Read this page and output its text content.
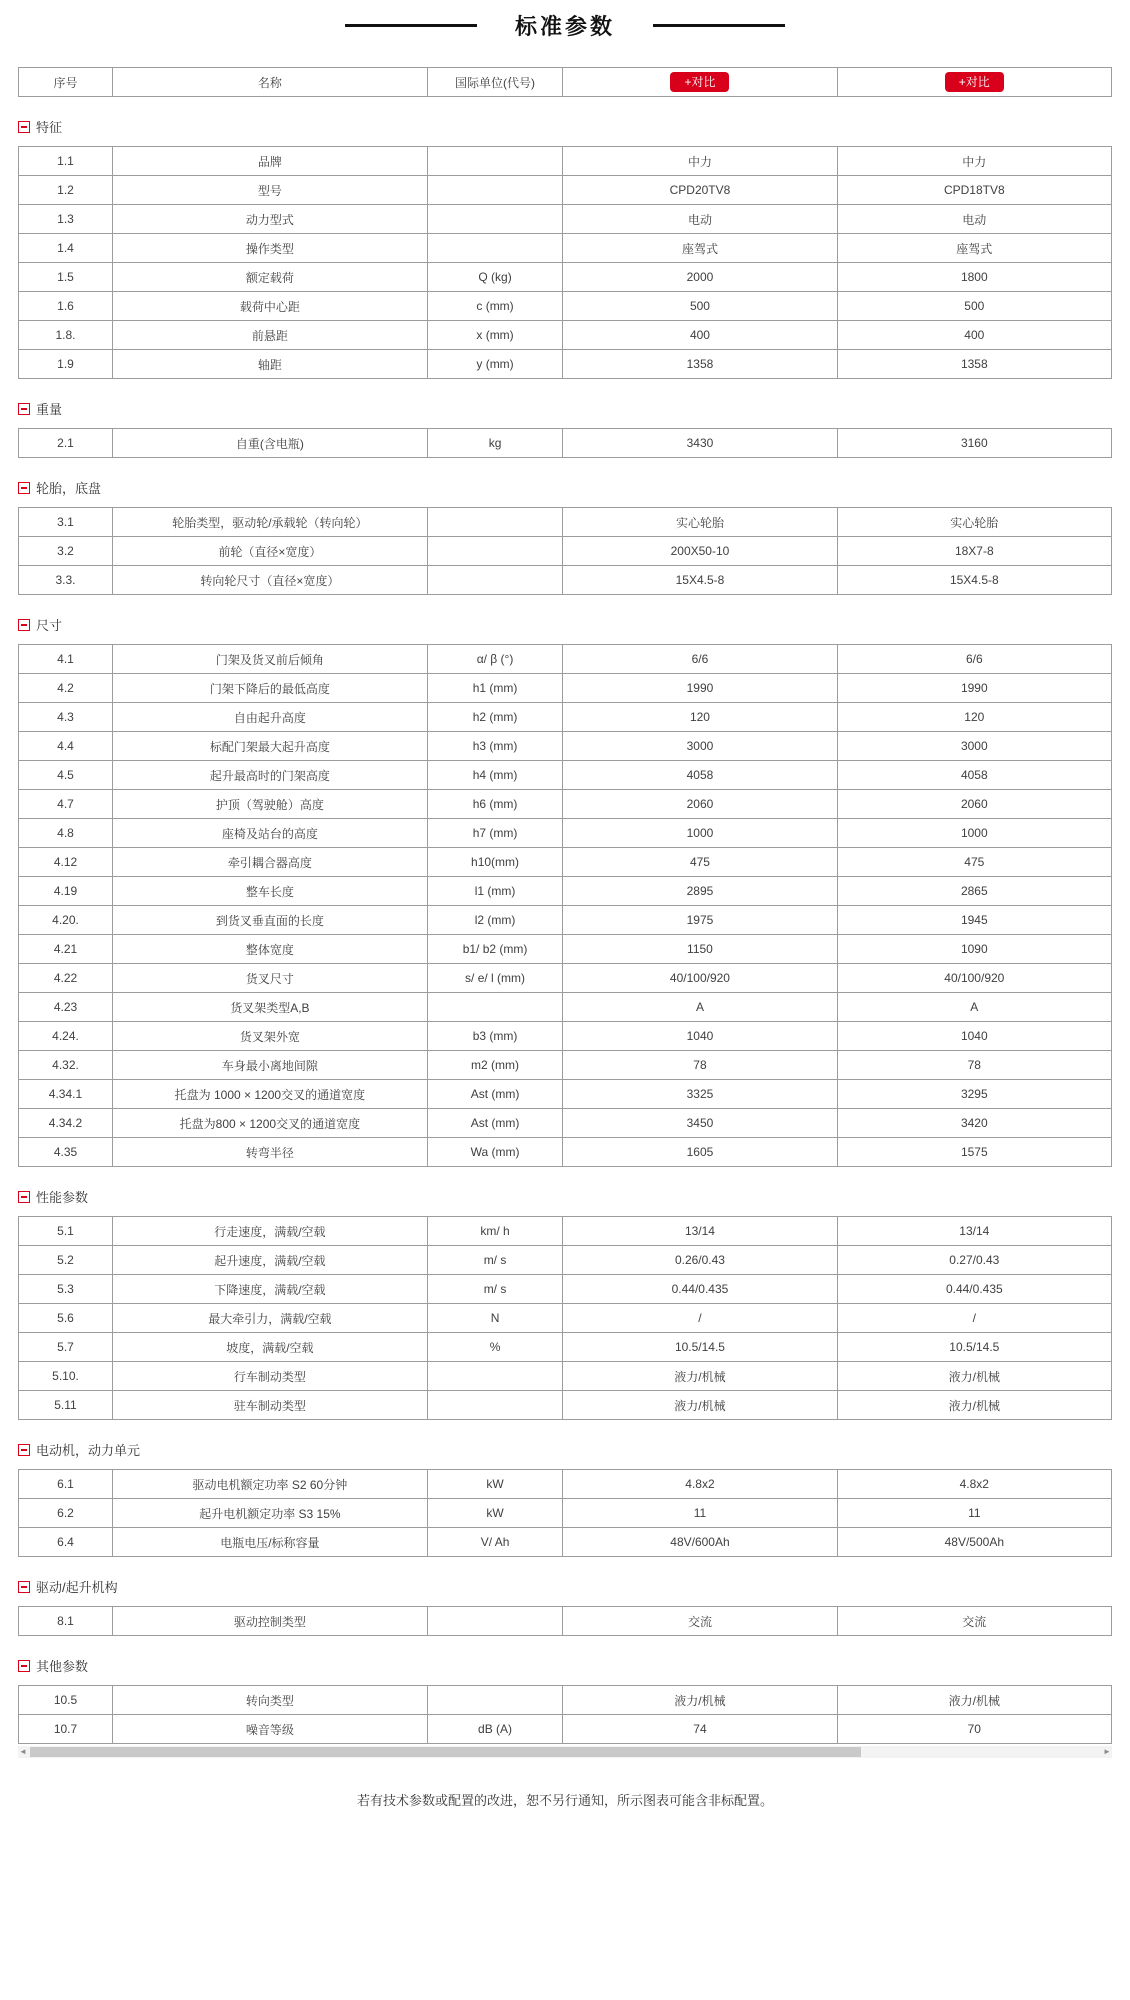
标准参数
序号	名称	国际单位(代号)	+对比	+对比
特征
1.1	品牌		中力	中力
1.2	型号		CPD20TV8	CPD18TV8
1.3	动力型式		电动	电动
1.4	操作类型		座驾式	座驾式
1.5	额定载荷	Q (kg)	2000	1800
1.6	载荷中心距	c (mm)	500	500
1.8.	前悬距	x (mm)	400	400
1.9	轴距	y (mm)	1358	1358
重量
2.1	自重(含电瓶)	kg	3430	3160
轮胎，底盘
3.1	轮胎类型，驱动轮/承载轮（转向轮）		实心轮胎	实心轮胎
3.2	前轮（直径×宽度）		200X50-10	18X7-8
3.3.	转向轮尺寸（直径×宽度）		15X4.5-8	15X4.5-8
尺寸
4.1	门架及货叉前后倾角	α/ β (°)	6/6	6/6
4.2	门架下降后的最低高度	h1 (mm)	1990	1990
4.3	自由起升高度	h2 (mm)	120	120
4.4	标配门架最大起升高度	h3 (mm)	3000	3000
4.5	起升最高时的门架高度	h4 (mm)	4058	4058
4.7	护顶（驾驶舱）高度	h6 (mm)	2060	2060
4.8	座椅及站台的高度	h7 (mm)	1000	1000
4.12	牵引耦合器高度	h10(mm)	475	475
4.19	整车长度	l1 (mm)	2895	2865
4.20.	到货叉垂直面的长度	l2 (mm)	1975	1945
4.21	整体宽度	b1/ b2 (mm)	1150	1090
4.22	货叉尺寸	s/ e/ l (mm)	40/100/920	40/100/920
4.23	货叉架类型A,B		A	A
4.24.	货叉架外宽	b3 (mm)	1040	1040
4.32.	车身最小离地间隙	m2 (mm)	78	78
4.34.1	托盘为 1000 × 1200交叉的通道宽度	Ast (mm)	3325	3295
4.34.2	托盘为800 × 1200交叉的通道宽度	Ast (mm)	3450	3420
4.35	转弯半径	Wa (mm)	1605	1575
性能参数
5.1	行走速度，满载/空载	km/ h	13/14	13/14
5.2	起升速度，满载/空载	m/ s	0.26/0.43	0.27/0.43
5.3	下降速度，满载/空载	m/ s	0.44/0.435	0.44/0.435
5.6	最大牵引力，满载/空载	N	/	/
5.7	坡度，满载/空载	%	10.5/14.5	10.5/14.5
5.10.	行车制动类型		液力/机械	液力/机械
5.11	驻车制动类型		液力/机械	液力/机械
电动机，动力单元
6.1	驱动电机额定功率 S2 60分钟	kW	4.8x2	4.8x2
6.2	起升电机额定功率 S3 15%	kW	11	11
6.4	电瓶电压/标称容量	V/ Ah	48V/600Ah	48V/500Ah
驱动/起升机构
8.1	驱动控制类型		交流	交流
其他参数
10.5	转向类型		液力/机械	液力/机械
10.7	噪音等级	dB (A)	74	70
◄	►

若有技术参数或配置的改进，恕不另行通知，所示图表可能含非标配置。
